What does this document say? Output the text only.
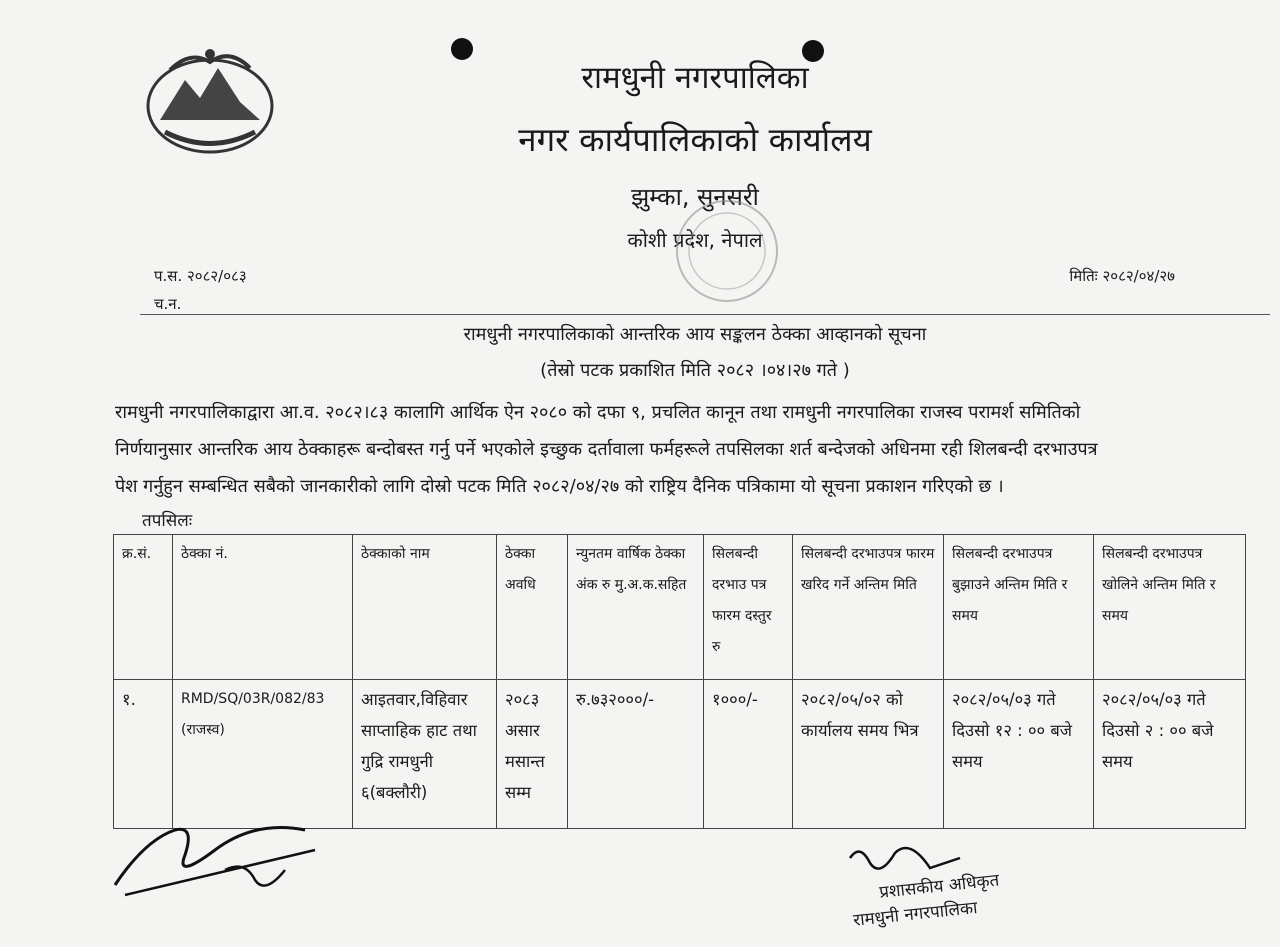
रामधुनी नगरपालिका
नगर कार्यपालिकाको कार्यालय
झुम्का, सुनसरी
कोशी प्रदेश, नेपाल
प.स. २०८२/०८३
च.न.
मितिः २०८२/०४/२७
रामधुनी नगरपालिकाको आन्तरिक आय सङ्कलन ठेक्का आव्हानको सूचना
(तेस्रो पटक प्रकाशित मिति २०८२ ।०४।२७ गते )
रामधुनी नगरपालिकाद्वारा आ.व. २०८२।८३ कालागि आर्थिक ऐन २०८० को दफा ९, प्रचलित कानून तथा रामधुनी नगरपालिका राजस्व परामर्श समितिको
निर्णयानुसार आन्तरिक आय ठेक्काहरू बन्दोबस्त गर्नु पर्ने भएकोले इच्छुक दर्तावाला फर्महरूले तपसिलका शर्त बन्देजको अधिनमा रही शिलबन्दी दरभाउपत्र
पेश गर्नुहुन सम्बन्धित सबैको जानकारीको लागि दोस्रो पटक मिति २०८२/०४/२७ को राष्ट्रिय दैनिक पत्रिकामा यो सूचना प्रकाशन गरिएको छ ।
तपसिलः
क्र.सं.	ठेक्का नं.	ठेक्काको नाम	ठेक्का अवधि	न्युनतम वार्षिक ठेक्का अंक रु मु.अ.क.सहित	सिलबन्दी दरभाउ पत्र फारम दस्तुर रु	सिलबन्दी दरभाउपत्र फारम खरिद गर्ने अन्तिम मिति	सिलबन्दी दरभाउपत्र बुझाउने अन्तिम मिति र समय	सिलबन्दी दरभाउपत्र खोलिने अन्तिम मिति र समय
१.	RMD/SQ/03R/082/83 (राजस्व)	आइतवार,विहिवार साप्ताहिक हाट तथा गुद्रि रामधुनी ६(बक्लौरी)	२०८३ असार मसान्त सम्म	रु.७३२०००/-	१०००/-	२०८२/०५/०२ को कार्यालय समय भित्र	२०८२/०५/०३ गते दिउसो १२ : ०० बजे समय	२०८२/०५/०३ गते दिउसो २ : ०० बजे समय
प्रशासकीय अधिकृत
रामधुनी नगरपालिका
